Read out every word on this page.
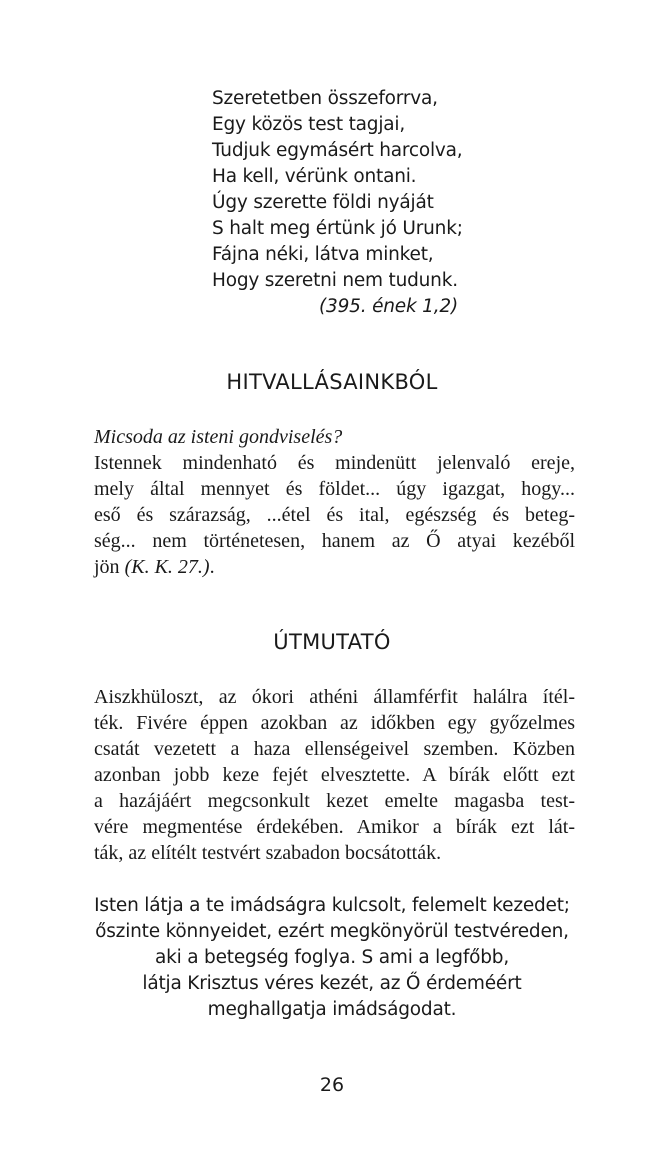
Szeretetben összeforrva,
Egy közös test tagjai,
Tudjuk egymásért harcolva,
Ha kell, vérünk ontani.
Úgy szerette földi nyáját
S halt meg értünk jó Urunk;
Fájna néki, látva minket,
Hogy szeretni nem tudunk.
(395. ének 1,2)
HITVALLÁSAINKBÓL
Micsoda az isteni gondviselés?
Istennek mindenható és mindenütt jelenvaló ereje,
mely által mennyet és földet... úgy igazgat, hogy...
eső és szárazság, ...étel és ital, egészség és beteg-
ség... nem történetesen, hanem az Ő atyai kezéből
jön (K. K. 27.).
ÚTMUTATÓ
Aiszkhüloszt, az ókori athéni államférfit halálra ítél-
ték. Fivére éppen azokban az időkben egy győzelmes
csatát vezetett a haza ellenségeivel szemben. Közben
azonban jobb keze fejét elvesztette. A bírák előtt ezt
a hazájáért megcsonkult kezet emelte magasba test-
vére megmentése érdekében. Amikor a bírák ezt lát-
ták, az elítélt testvért szabadon bocsátották.
Isten látja a te imádságra kulcsolt, felemelt kezedet;
őszinte könnyeidet, ezért megkönyörül testvéreden,
aki a betegség foglya. S ami a legfőbb,
látja Krisztus véres kezét, az Ő érdeméért
meghallgatja imádságodat.
26
